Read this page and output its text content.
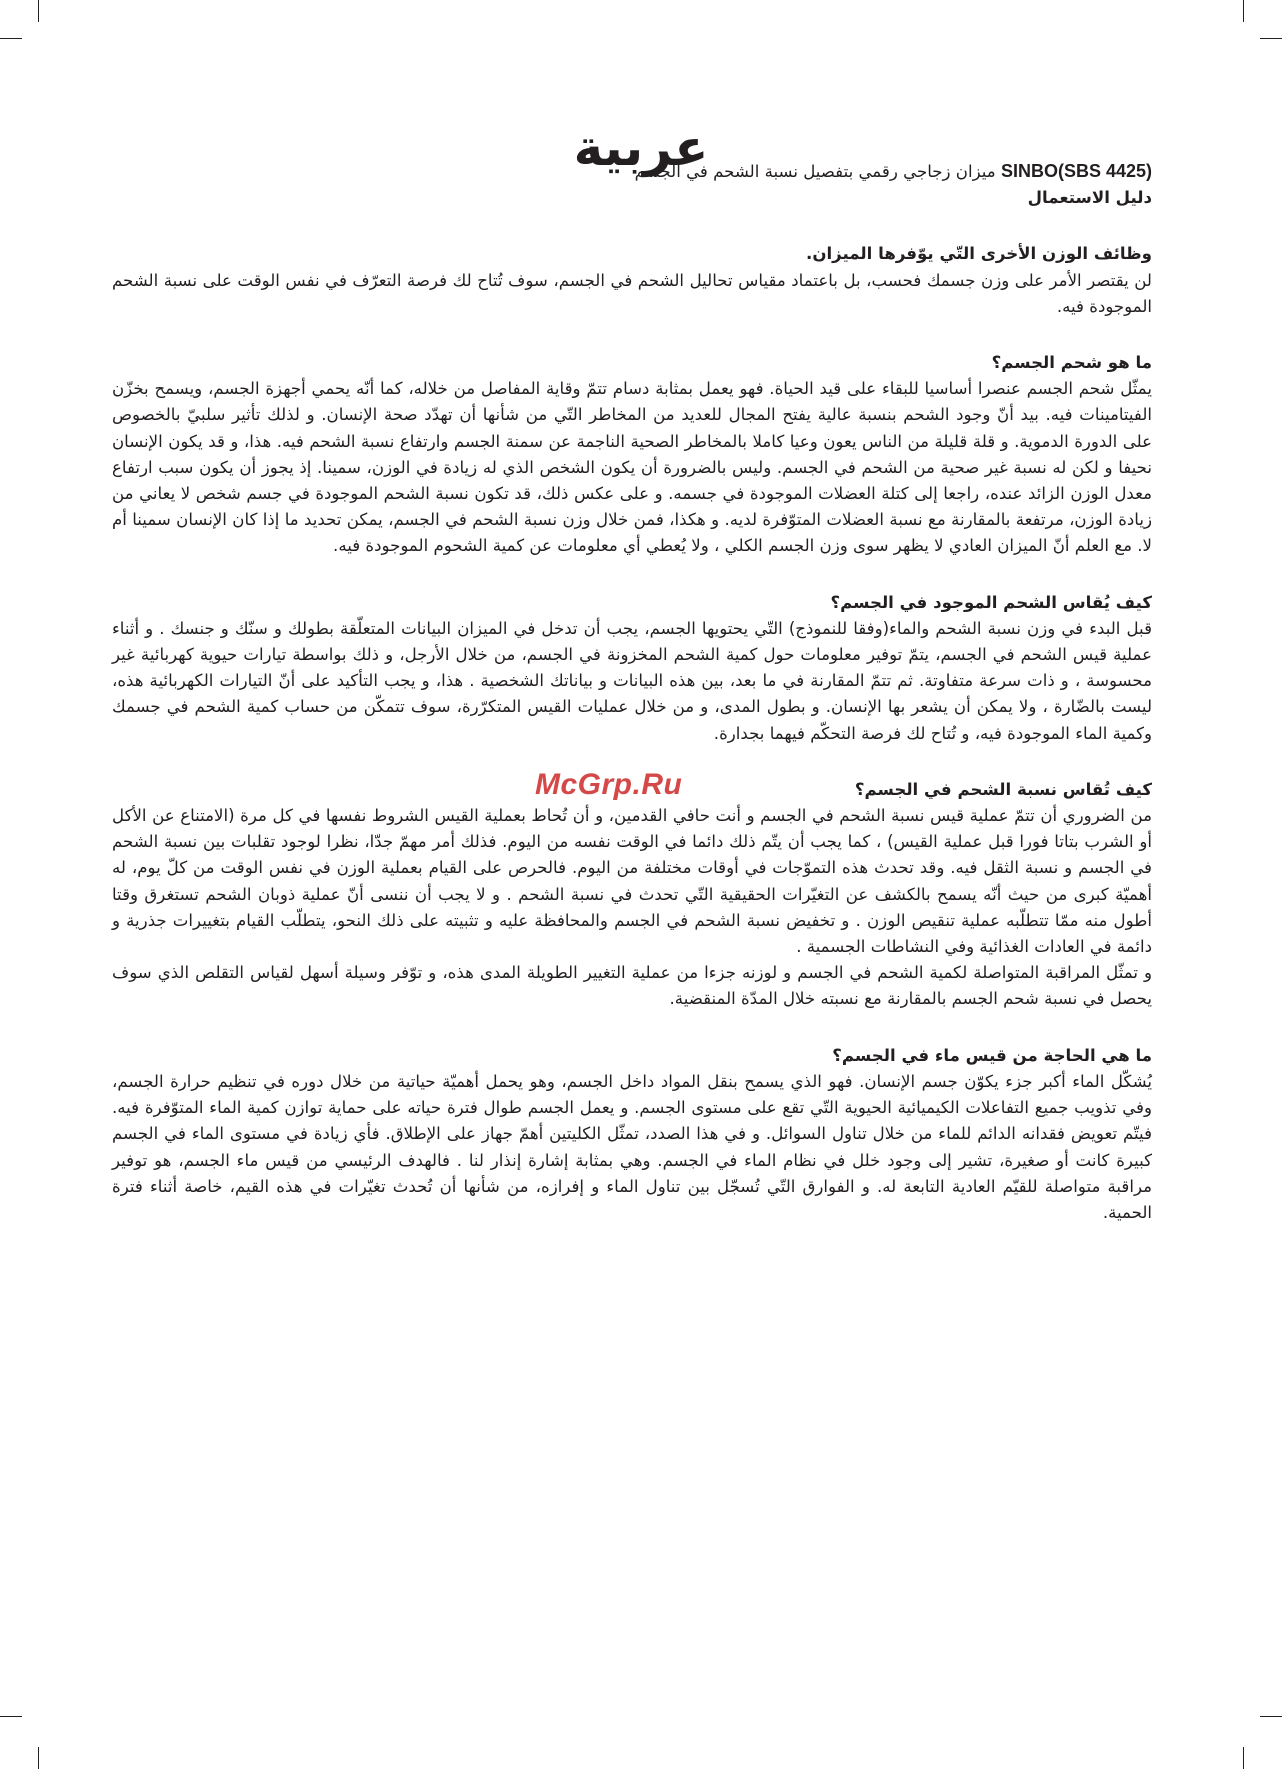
عربية	SINBO(SBS 4425) ميزان زجاجي رقمي بتفصيل نسبة الشحم في الجسم

دليل الاستعمال

وظائف الوزن الأخرى التّي يوّفرها الميزان.

لن يقتصر الأمر على وزن جسمك فحسب، بل باعتماد مقياس تحاليل الشحم في الجسم، سوف تُتاح لك فرصة التعرّف في نفس الوقت على نسبة الشحم الموجودة فيه.

ما هو شحم الجسم؟

يمثّل شحم الجسم عنصرا أساسيا للبقاء على قيد الحياة. فهو يعمل بمثابة دسام تتمّ وقاية المفاصل من خلاله، كما أنّه يحمي أجهزة الجسم، ويسمح بخزّن الفيتامينات فيه. بيد أنّ وجود الشحم بنسبة عالية يفتح المجال للعديد من المخاطر التّي من شأنها أن تهدّد صحة الإنسان. و لذلك تأثير سلبيّ بالخصوص على الدورة الدموية. و قلة قليلة من الناس يعون وعيا كاملا بالمخاطر الصحية الناجمة عن سمنة الجسم وارتفاع نسبة الشحم فيه. هذا، و قد يكون الإنسان نحيفا و لكن له نسبة غير صحية من الشحم في الجسم. وليس بالضرورة أن يكون الشخص الذي له زيادة في الوزن، سمينا. إذ يجوز أن يكون سبب ارتفاع معدل الوزن الزائد عنده، راجعا إلى كتلة العضلات الموجودة في جسمه. و على عكس ذلك، قد تكون نسبة الشحم الموجودة في جسم شخص لا يعاني من زيادة الوزن، مرتفعة بالمقارنة مع نسبة العضلات المتوّفرة لديه. و هكذا، فمن خلال وزن نسبة الشحم في الجسم، يمكن تحديد ما إذا كان الإنسان سمينا أم لا. مع العلم أنّ الميزان العادي لا يظهر سوى وزن الجسم الكلي ، ولا يُعطي أي معلومات عن كمية الشحوم الموجودة فيه.

كيف يُقاس الشحم الموجود في الجسم؟

قبل البدء في وزن نسبة الشحم والماء(وفقا للنموذج) التّي يحتويها الجسم، يجب أن تدخل في الميزان البيانات المتعلّقة بطولك و سنّك و جنسك . و أثناء عملية قيس الشحم في الجسم، يتمّ توفير معلومات حول كمية الشحم المخزونة في الجسم، من خلال الأرجل، و ذلك بواسطة تيارات حيوية كهربائية غير محسوسة ، و ذات سرعة متفاوتة. ثم تتمّ المقارنة في ما بعد، بين هذه البيانات و بياناتك الشخصية . هذا، و يجب التأكيد على أنّ التيارات الكهربائية هذه، ليست بالضّارة ، ولا يمكن أن يشعر بها الإنسان. و بطول المدى، و من خلال عمليات القيس المتكرّرة، سوف تتمكّن من حساب كمية الشحم في جسمك وكمية الماء الموجودة فيه، و تُتاح لك فرصة التحكّم فيهما بجدارة.

كيف تُقاس نسبة الشحم في الجسم؟

من الضروري أن تتمّ عملية قيس نسبة الشحم في الجسم و أنت حافي القدمين، و أن تُحاط بعملية القيس الشروط نفسها في كل مرة (الامتناع عن الأكل أو الشرب بتاتا فورا قبل عملية القيس) ، كما يجب أن يتّم ذلك دائما في الوقت نفسه من اليوم. فذلك أمر مهمّ جدّا، نظرا لوجود تقلبات بين نسبة الشحم في الجسم و نسبة الثقل فيه. وقد تحدث هذه التموّجات في أوقات مختلفة من اليوم. فالحرص على القيام بعملية الوزن في نفس الوقت من كلّ يوم، له أهميّة كبرى من حيث أنّه يسمح بالكشف عن التغيّرات الحقيقية التّي تحدث في نسبة الشحم . و لا يجب أن ننسى أنّ عملية ذوبان الشحم تستغرق وقتا أطول منه ممّا تتطلّبه عملية تنقيص الوزن . و تخفيض نسبة الشحم في الجسم والمحافظة عليه و تثبيته على ذلك النحو، يتطلّب القيام بتغييرات جذرية و دائمة في العادات الغذائية وفي النشاطات الجسمية .

و تمثّل المراقبة المتواصلة لكمية الشحم في الجسم و لوزنه جزءا من عملية التغيير الطويلة المدى هذه، و توّفر وسيلة أسهل لقياس التقلص الذي سوف يحصل في نسبة شحم الجسم بالمقارنة مع نسبته خلال المدّة المنقضية.

ما هي الحاجة من قيس ماء في الجسم؟

يُشكّل الماء أكبر جزء يكوّن جسم الإنسان. فهو الذي يسمح بنقل المواد داخل الجسم، وهو يحمل أهميّة حياتية من خلال دوره في تنظيم حرارة الجسم، وفي تذويب جميع التفاعلات الكيميائية الحيوية التّي تقع على مستوى الجسم. و يعمل الجسم طوال فترة حياته على حماية توازن كمية الماء المتوّفرة فيه. فيتّم تعويض فقدانه الدائم للماء من خلال تناول السوائل. و في هذا الصدد، تمثّل الكليتين أهمّ جهاز على الإطلاق. فأي زيادة في مستوى الماء في الجسم كبيرة كانت أو صغيرة، تشير إلى وجود خلل في نظام الماء في الجسم. وهي بمثابة إشارة إنذار لنا . فالهدف الرئيسي من قيس ماء الجسم، هو توفير مراقبة متواصلة للقيّم العادية التابعة له. و الفوارق التّي تُسجّل بين تناول الماء و إفرازه، من شأنها أن تُحدث تغيّرات في هذه القيم، خاصة أثناء فترة الحمية.

McGrp.Ru
